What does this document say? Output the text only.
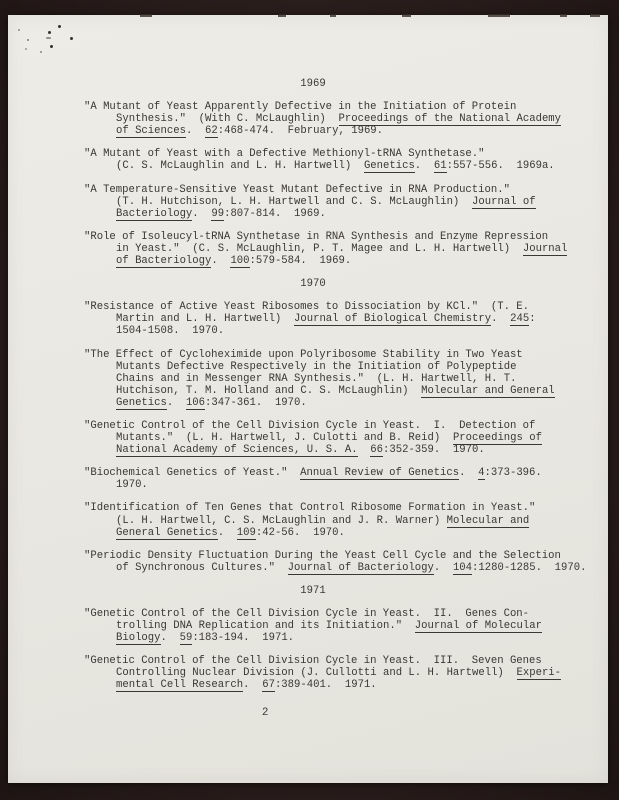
1969
"A Mutant of Yeast Apparently Defective in the Initiation of Protein
Synthesis."  (With C. McLaughlin)  Proceedings of the National Academy
of Sciences.  62:468-474.  February, 1969.
"A Mutant of Yeast with a Defective Methionyl-tRNA Synthetase."
(C. S. McLaughlin and L. H. Hartwell)  Genetics.  61:557-556.  1969a.
"A Temperature-Sensitive Yeast Mutant Defective in RNA Production."
(T. H. Hutchison, L. H. Hartwell and C. S. McLaughlin)  Journal of
Bacteriology.  99:807-814.  1969.
"Role of Isoleucyl-tRNA Synthetase in RNA Synthesis and Enzyme Repression
in Yeast."  (C. S. McLaughlin, P. T. Magee and L. H. Hartwell)  Journal
of Bacteriology.  100:579-584.  1969.
1970
"Resistance of Active Yeast Ribosomes to Dissociation by KCl."  (T. E.
Martin and L. H. Hartwell)  Journal of Biological Chemistry.  245:
1504-1508.  1970.
"The Effect of Cycloheximide upon Polyribosome Stability in Two Yeast
Mutants Defective Respectively in the Initiation of Polypeptide
Chains and in Messenger RNA Synthesis."  (L. H. Hartwell, H. T.
Hutchison, T. M. Holland and C. S. McLaughlin)  Molecular and General
Genetics.  106:347-361.  1970.
"Genetic Control of the Cell Division Cycle in Yeast.  I.  Detection of
Mutants."  (L. H. Hartwell, J. Culotti and B. Reid)  Proceedings of
National Academy of Sciences, U. S. A. 66:352-359.  1970.
"Biochemical Genetics of Yeast."  Annual Review of Genetics.  4:373-396.
1970.
"Identification of Ten Genes that Control Ribosome Formation in Yeast."
(L. H. Hartwell, C. S. McLaughlin and J. R. Warner) Molecular and
General Genetics.  109:42-56.  1970.
"Periodic Density Fluctuation During the Yeast Cell Cycle and the Selection
of Synchronous Cultures."  Journal of Bacteriology.  104:1280-1285.  1970.
1971
"Genetic Control of the Cell Division Cycle in Yeast.  II.  Genes Con-
trolling DNA Replication and its Initiation."  Journal of Molecular
Biology.  59:183-194.  1971.
"Genetic Control of the Cell Division Cycle in Yeast.  III.  Seven Genes
Controlling Nuclear Division (J. Cullotti and L. H. Hartwell)  Experi-
mental Cell Research.  67:389-401.  1971.
2
